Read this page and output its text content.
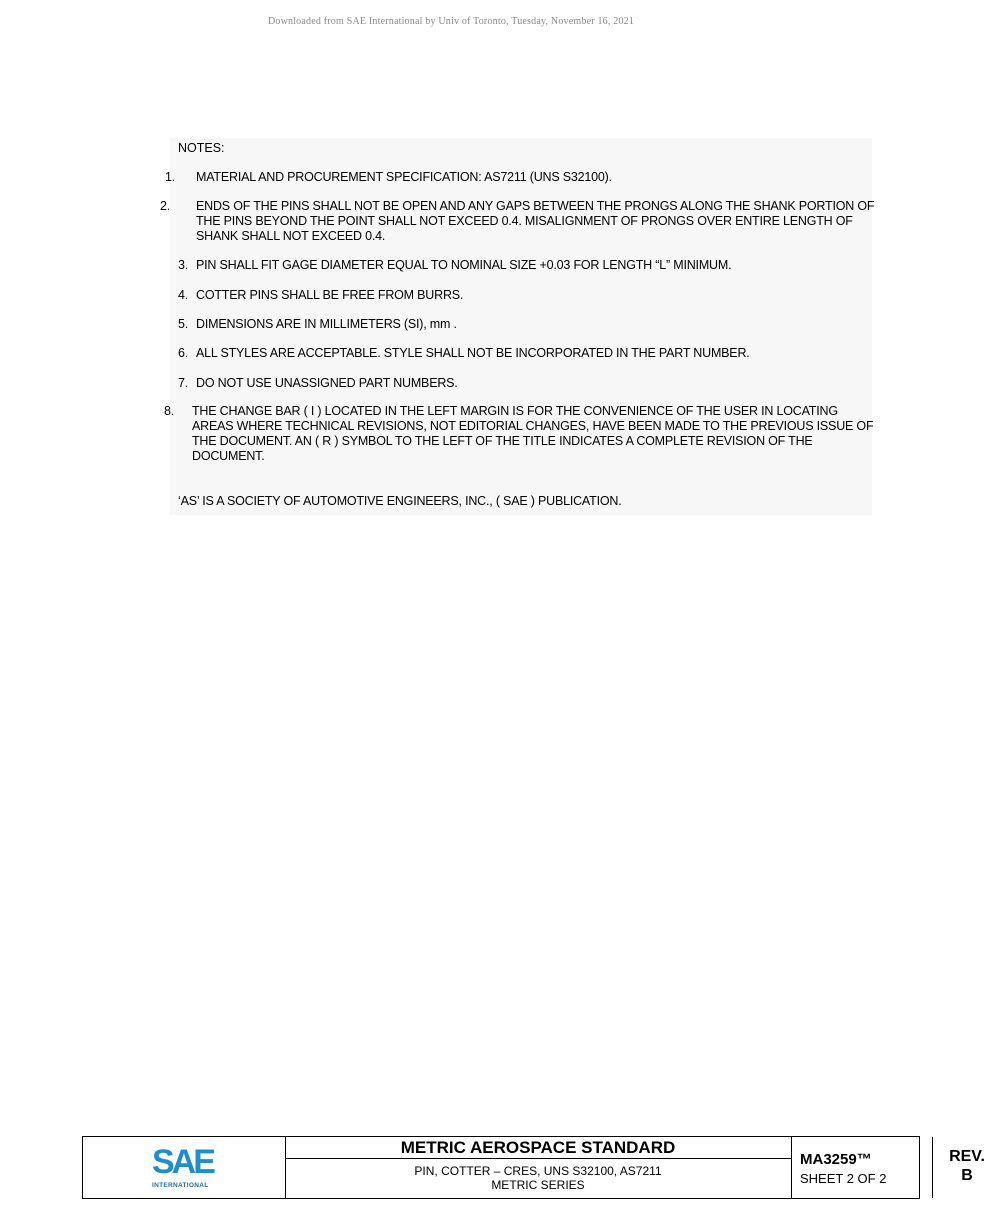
Downloaded from SAE International by Univ of Toronto, Tuesday, November 16, 2021
NOTES:
1. MATERIAL AND PROCUREMENT SPECIFICATION: AS7211 (UNS S32100).
2. ENDS OF THE PINS SHALL NOT BE OPEN AND ANY GAPS BETWEEN THE PRONGS ALONG THE SHANK PORTION OF THE PINS BEYOND THE POINT SHALL NOT EXCEED 0.4. MISALIGNMENT OF PRONGS OVER ENTIRE LENGTH OF SHANK SHALL NOT EXCEED 0.4.
3. PIN SHALL FIT GAGE DIAMETER EQUAL TO NOMINAL SIZE +0.03 FOR LENGTH “L” MINIMUM.
4. COTTER PINS SHALL BE FREE FROM BURRS.
5. DIMENSIONS ARE IN MILLIMETERS (SI), mm .
6. ALL STYLES ARE ACCEPTABLE. STYLE SHALL NOT BE INCORPORATED IN THE PART NUMBER.
7. DO NOT USE UNASSIGNED PART NUMBERS.
8. THE CHANGE BAR ( I ) LOCATED IN THE LEFT MARGIN IS FOR THE CONVENIENCE OF THE USER IN LOCATING AREAS WHERE TECHNICAL REVISIONS, NOT EDITORIAL CHANGES, HAVE BEEN MADE TO THE PREVIOUS ISSUE OF THE DOCUMENT. AN ( R ) SYMBOL TO THE LEFT OF THE TITLE INDICATES A COMPLETE REVISION OF THE DOCUMENT.
‘AS’ IS A SOCIETY OF AUTOMOTIVE ENGINEERS, INC., ( SAE ) PUBLICATION.
SAE
INTERNATIONAL
METRIC AEROSPACE STANDARD
PIN, COTTER – CRES, UNS S32100, AS7211
METRIC SERIES
MA3259™
SHEET 2 OF 2
REV.
B
